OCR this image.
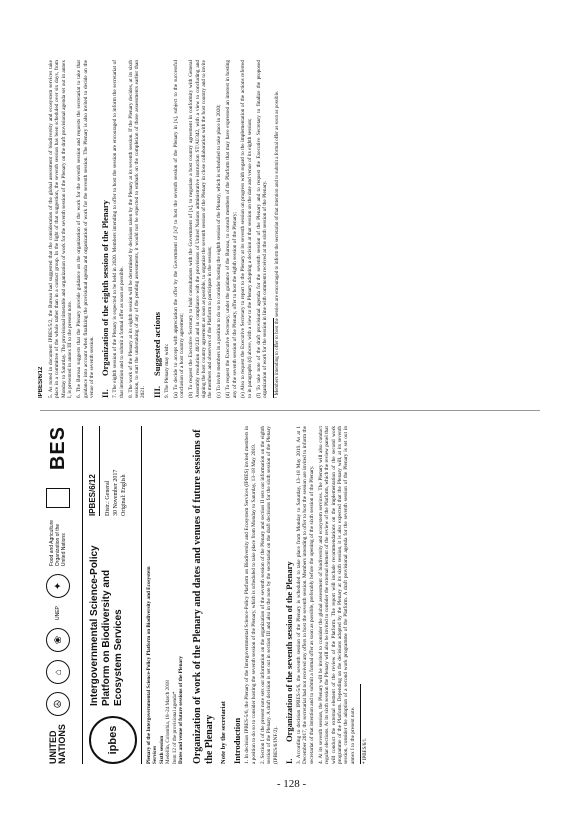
UNITED NATIONS
☮
⌂
❀
UNEP
✦
Food and Agriculture Organization of the United Nations
BES
ipbes
Intergovernmental Science-Policy Platform on Biodiversity and Ecosystem Services
IPBES/6/12	Distr.: General 30 November 2017 Original: English
Plenary of the Intergovernmental Science-Policy Platform on Biodiversity and Ecosystem Services Sixth session Medellin, Colombia, 18–24 March 2018 Item 12 of the provisional agenda* Dates and venue of future sessions of the Plenary Organization of work of the Plenary and dates and venues of future sessions of the Plenary Note by the secretariat Introduction 1. In decision IPBES-5/6, the Plenary of the Intergovernmental Science-Policy Platform on Biodiversity and Ecosystem Services (IPBES) invited members in a position to do so to consider hosting the seventh session of the Plenary, which is scheduled to take place from Monday to Saturday, 13–18 May 2019. 2. Section I of the present note sets out information on the organization of the seventh session of the Plenary and section II sets out information on the eighth session of the Plenary. A draft decision is set out in section III and also in the note by the secretariat on the draft decisions for the sixth session of the Plenary (IPBES/6/INF/2). I.Organization of the seventh session of the Plenary 3. According to decision IPBES-5/6, the seventh session of the Plenary is scheduled to take place from Monday to Saturday, 13–18 May 2019. As at 1 December 2017, the secretariat had not received any offers to host the seventh session. Members intending to offer to host the session are invited to inform the secretariat of that intention and to submit a formal offer as soon as possible, preferably before the opening of the sixth session of the Plenary. 4. At its seventh session, the Plenary will be invited to consider the global assessment of biodiversity and ecosystem services. The Plenary will also conduct regular elections. At its sixth session the Plenary will also be invited to consider the external element of the review of the Platform, which the review panel that will conduct the external element of the review of the Platform. The report will include recommendations on the implementation of the second work programme of the Platform. Depending on the decisions adopted by the Plenary at its sixth session, it is also expected that the Plenary will, at its seventh session, consider the adoption of a second work programme of the Platform. A draft provisional agenda for the seventh session of the Plenary is set out in annex I to the present note. * IPBES/6/1.
IPBES/6/12 5. As noted in document IPBES/5/2, the Bureau had suggested that the consideration of the global assessment of biodiversity and ecosystem services take place in a committee of the whole rather than in a contact group. In the light of that suggestion, the seventh session has been scheduled over six days, from Monday to Saturday. The provisional timetable and organization of work for the seventh session of the Plenary on the draft provisional agenda set out in annex I, is presented in annex III to the present note. 6. The Bureau suggests that the Plenary provide guidance on the organization of the work for the seventh session and requests the secretariat to take that guidance into account when finalizing the provisional agenda and organization of work for the seventh session. The Plenary is also invited to decide on the venue of the seventh session. II.Organization of the eighth session of the Plenary 7. The eighth session of the Plenary is expected to be held in 2020. Members intending to offer to host the session are encouraged to inform the secretariat of that intention and to submit a formal offer as soon as possible. 8. The work of the Plenary at its eighth session will be determined by decisions taken by the Plenary at its seventh session. If the Plenary decides, at its sixth session, to start the undertaking of any of the pending assessments, it would not be expected to embark on the completion of those assessments earlier than 2021. III.Suggested actions 9. The Plenary may wish: (a) To decide to accept with appreciation the offer by the Government of [x]¹ to host the seventh session of the Plenary in [x], subject to the successful conclusion of a host country agreement; (b) To request the Executive Secretary to hold consultations with the Government of [x], to negotiate a host country agreement in conformity with General Assembly resolution 40/243 and in compliance with the provisions of United Nations administrative instruction ST/AI/342, with a view to concluding and signing the host country agreement as soon as possible, to organize the seventh session of the Plenary in close collaboration with the host country and to invite the members and observers of the Platform to participate in the session; (c) To invite members in a position to do so to consider hosting the eighth session of the Plenary, which is scheduled to take place in 2020; (d) To request the Executive Secretary, under the guidance of the Bureau, to consult members of the Platform that may have expressed an interest in hosting any of the seventh session of the Plenary, offer to host the eighth session of the Plenary; (e) Also to request the Executive Secretary to report to the Plenary at its seventh session on progress with regard to the implementation of the actions referred to in paragraphs (d) above, with a view to the Plenary adopting a decision at that session on the date and venue of its eighth session; (f) To take note of the draft provisional agenda for the seventh session of the Plenary and to request the Executive Secretary to finalize the proposed organization of work for the session in line with comments received at the sixth session of the Plenary. ¹ Members intending to offer to host the session are encouraged to inform the secretariat of that intention and to submit a formal offer as soon as possible.
- 128 -
